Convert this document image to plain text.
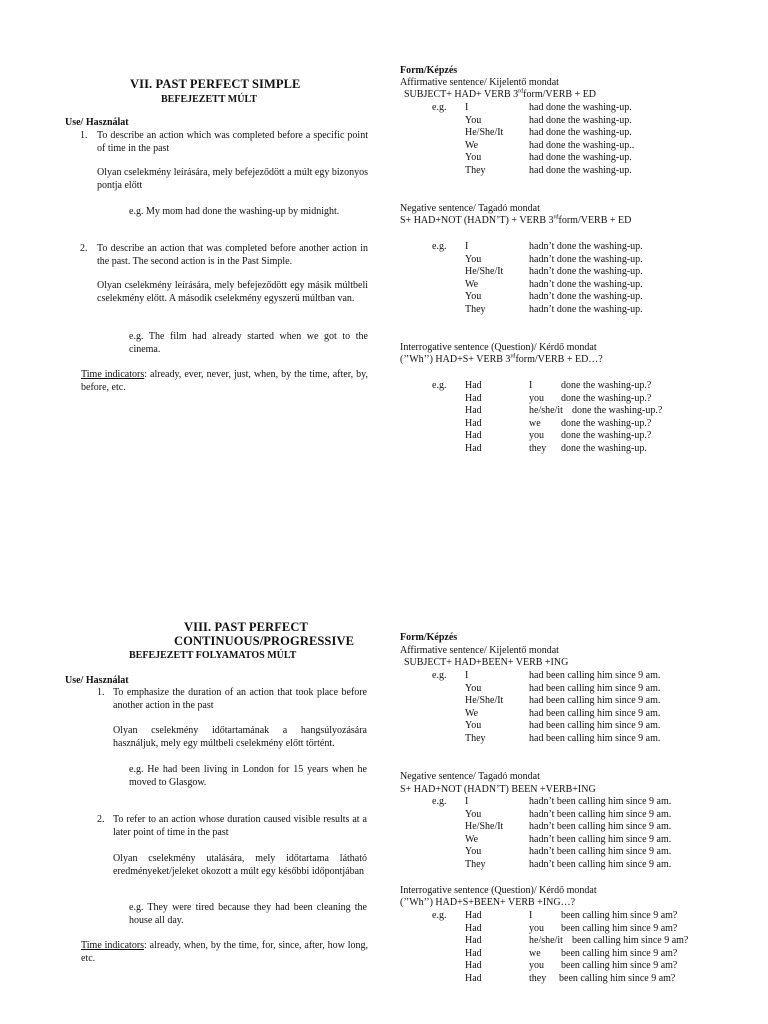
VII. PAST PERFECT SIMPLE
BEFEJEZETT MÚLT
Use/ Használat
1. To describe an action which was completed before a specific point of time in the past
Olyan cselekmény leírására, mely befejeződött a múlt egy bizonyos pontja előtt
e.g. My mom had done the washing-up by midnight.
2. To describe an action that was completed before another action in the past. The second action is in the Past Simple.
Olyan cselekmény leírására, mely befejeződött egy másik múltbeli cselekmény előtt. A második cselekmény egyszerű múltban van.
e.g. The film had already started when we got to the cinema.
Time indicators: already, ever, never, just, when, by the time, after, by, before, etc.
Form/Képzés
Affirmative sentence/ Kijelentő mondat
SUBJECT+ HAD+ VERB 3rdform/VERB + ED
e.g. I	had done the washing-up.
You	had done the washing-up.
He/She/It	had done the washing-up.
We	had done the washing-up..
You	had done the washing-up.
They	had done the washing-up.
Negative sentence/ Tagadó mondat
S+ HAD+NOT (HADN’T) + VERB 3rdform/VERB + ED
e.g. I	hadn’t done the washing-up.
You	hadn’t done the washing-up.
He/She/It	hadn’t done the washing-up.
We	hadn’t done the washing-up.
You	hadn’t done the washing-up.
They	hadn’t done the washing-up.
Interrogative sentence (Question)/ Kérdő mondat
(’’Wh’’) HAD+S+ VERB 3rdform/VERB + ED…?
e.g. Had	I	done the washing-up.?
Had	you done the washing-up.?
Had	he/she/it done the washing-up.?
Had	we done the washing-up.?
Had	you done the washing-up.?
Had	they done the washing-up.
VIII. PAST PERFECT
CONTINUOUS/PROGRESSIVE
BEFEJEZETT FOLYAMATOS MÚLT
Use/ Használat
1. To emphasize the duration of an action that took place before another action in the past
Olyan cselekmény időtartamának a hangsúlyozására használjuk, mely egy múltbeli cselekmény előtt történt.
e.g. He had been living in London for 15 years when he moved to Glasgow.
2. To refer to an action whose duration caused visible results at a later point of time in the past
Olyan cselekmény utalására, mely időtartama látható eredményeket/jeleket okozott a múlt egy későbbi időpontjában
e.g. They were tired because they had been cleaning the house all day.
Time indicators: already, when, by the time, for, since, after, how long, etc.
Form/Képzés
Affirmative sentence/ Kijelentő mondat
SUBJECT+ HAD+BEEN+ VERB +ING
e.g. I	had been calling him since 9 am.
You	had been calling him since 9 am.
He/She/It	had been calling him since 9 am.
We	had been calling him since 9 am.
You	had been calling him since 9 am.
They	had been calling him since 9 am.
Negative sentence/ Tagadó mondat
S+ HAD+NOT (HADN’T) BEEN +VERB+ING
e.g. I	hadn’t been calling him since 9 am.
You	hadn’t been calling him since 9 am.
He/She/It	hadn’t been calling him since 9 am.
We	hadn’t been calling him since 9 am.
You	hadn’t been calling him since 9 am.
They	hadn’t been calling him since 9 am.
Interrogative sentence (Question)/ Kérdő mondat
(’’Wh’’) HAD+S+BEEN+ VERB +ING…?
e.g. Had	I	been calling him since 9 am?
Had	you been calling him since 9 am?
Had	he/she/it been calling him since 9 am?
Had	we been calling him since 9 am?
Had	you been calling him since 9 am?
Had	they been calling him since 9 am?
